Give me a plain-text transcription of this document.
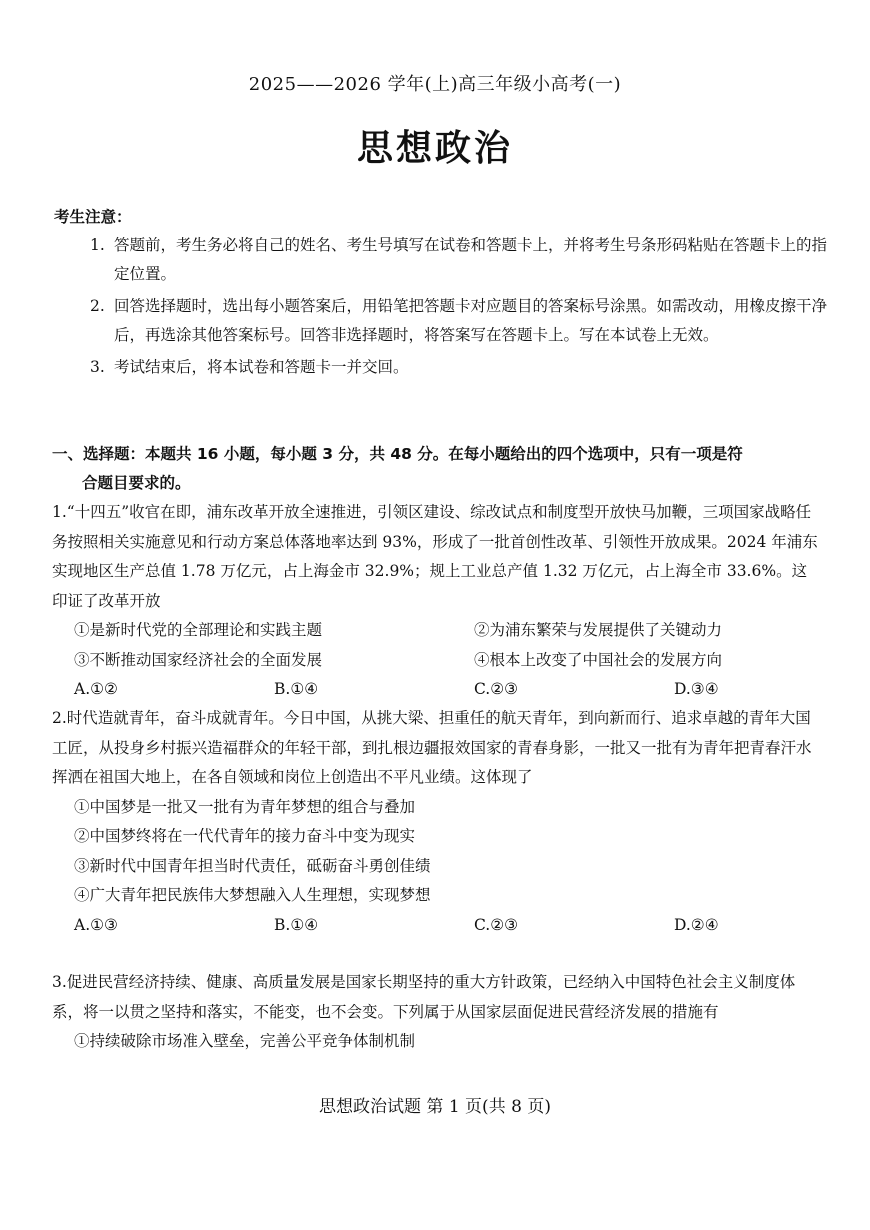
2025——2026 学年(上)高三年级小高考(一)
思想政治
考生注意：
1. 答题前，考生务必将自己的姓名、考生号填写在试卷和答题卡上，并将考生号条形码粘贴在答题卡上的指定位置。
2. 回答选择题时，选出每小题答案后，用铅笔把答题卡对应题目的答案标号涂黑。如需改动，用橡皮擦干净后，再选涂其他答案标号。回答非选择题时，将答案写在答题卡上。写在本试卷上无效。
3. 考试结束后，将本试卷和答题卡一并交回。
一、选择题：本题共 16 小题，每小题 3 分，共 48 分。在每小题给出的四个选项中，只有一项是符
合题目要求的。
1.“十四五”收官在即，浦东改革开放全速推进，引领区建设、综改试点和制度型开放快马加鞭，三项国家战略任务按照相关实施意见和行动方案总体落地率达到 93%，形成了一批首创性改革、引领性开放成果。2024 年浦东实现地区生产总值 1.78 万亿元，占上海金市 32.9%；规上工业总产值 1.32 万亿元，占上海全市 33.6%。这印证了改革开放
①是新时代党的全部理论和实践主题	②为浦东繁荣与发展提供了关键动力
③不断推动国家经济社会的全面发展	④根本上改变了中国社会的发展方向
A.①②	B.①④	C.②③	D.③④
2.时代造就青年，奋斗成就青年。今日中国，从挑大梁、担重任的航天青年，到向新而行、追求卓越的青年大国工匠，从投身乡村振兴造福群众的年轻干部，到扎根边疆报效国家的青春身影，一批又一批有为青年把青春汗水挥洒在祖国大地上，在各自领域和岗位上创造出不平凡业绩。这体现了
①中国梦是一批又一批有为青年梦想的组合与叠加
②中国梦终将在一代代青年的接力奋斗中变为现实
③新时代中国青年担当时代责任，砥砺奋斗勇创佳绩
④广大青年把民族伟大梦想融入人生理想，实现梦想
A.①③	B.①④	C.②③	D.②④
3.促进民营经济持续、健康、高质量发展是国家长期坚持的重大方针政策，已经纳入中国特色社会主义制度体系，将一以贯之坚持和落实，不能变，也不会变。下列属于从国家层面促进民营经济发展的措施有
①持续破除市场准入壁垒，完善公平竞争体制机制
思想政治试题 第 1 页(共 8 页)
